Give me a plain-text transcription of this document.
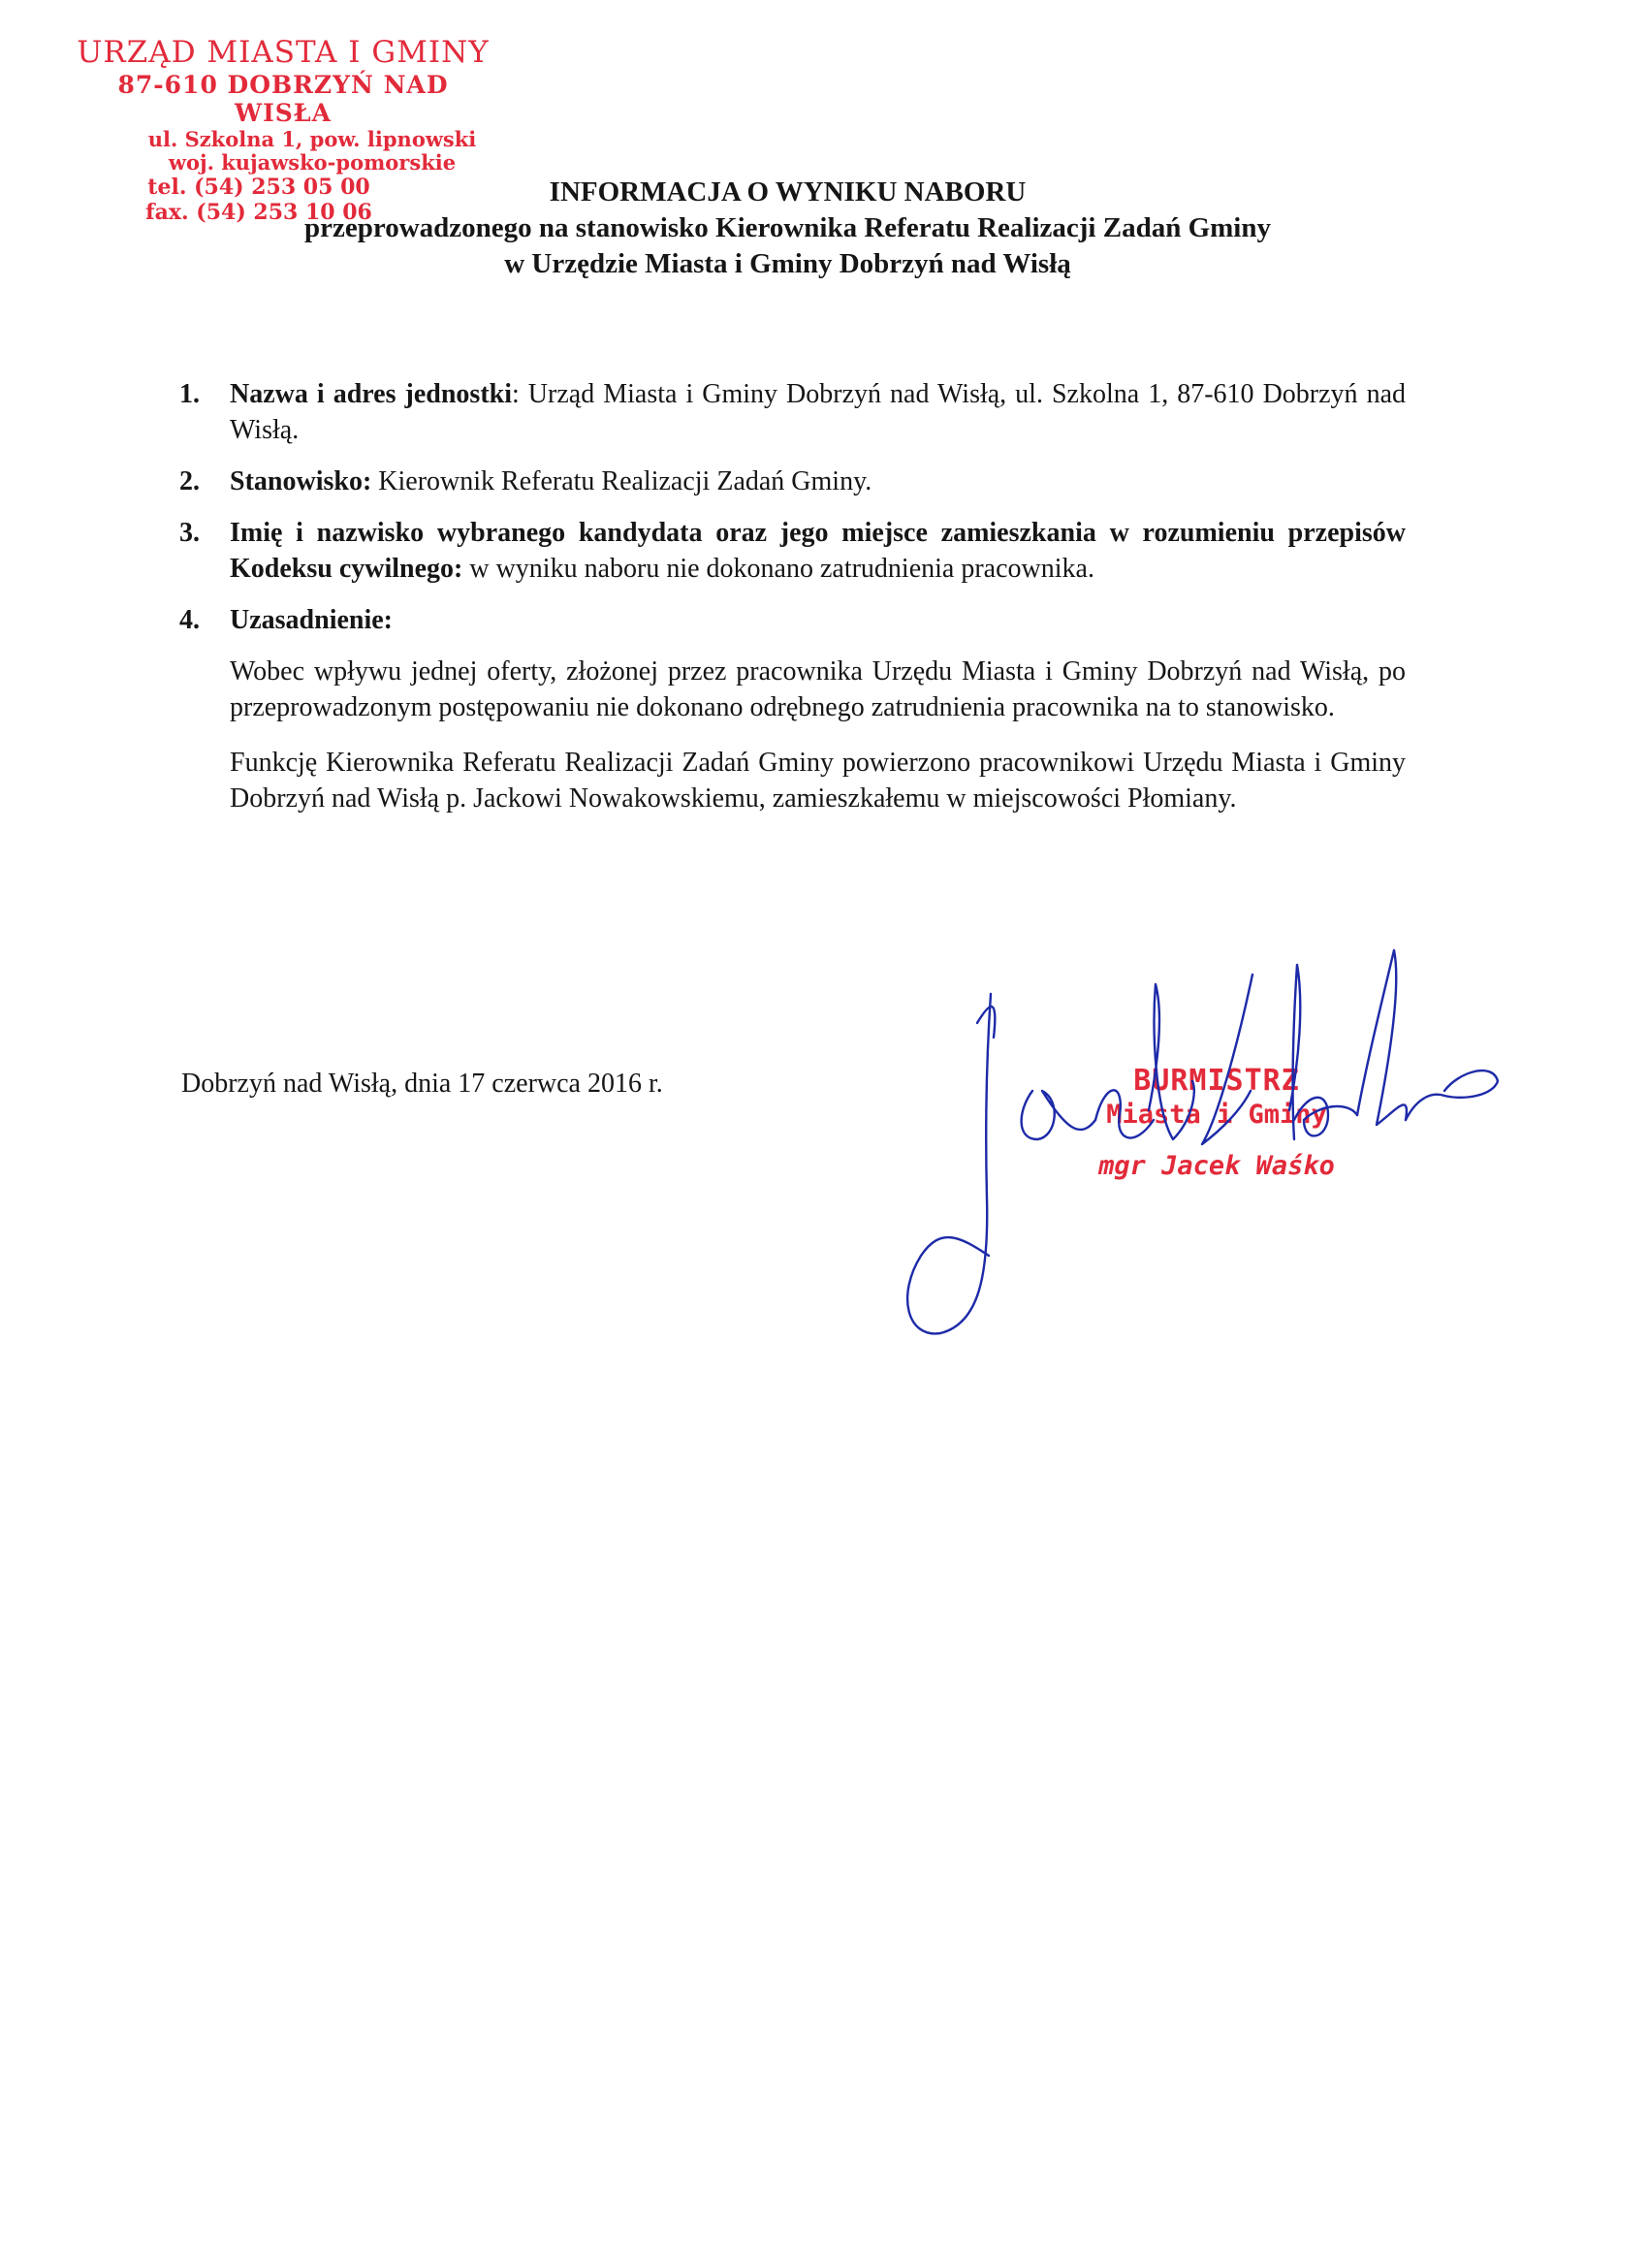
URZĄD MIASTA I GMINY
87-610 DOBRZYŃ NAD WISŁA
ul. Szkolna 1, pow. lipnowski
woj. kujawsko-pomorskie
tel. (54) 253 05 00
fax. (54) 253 10 06
INFORMACJA O WYNIKU NABORU
przeprowadzonego na stanowisko Kierownika Referatu Realizacji Zadań Gminy
w Urzędzie Miasta i Gminy Dobrzyń nad Wisłą
1. Nazwa i adres jednostki: Urząd Miasta i Gminy Dobrzyń nad Wisłą, ul. Szkolna 1, 87-610 Dobrzyń nad Wisłą.
2. Stanowisko: Kierownik Referatu Realizacji Zadań Gminy.
3. Imię i nazwisko wybranego kandydata oraz jego miejsce zamieszkania w rozumieniu przepisów Kodeksu cywilnego: w wyniku naboru nie dokonano zatrudnienia pracownika.
4. Uzasadnienie:

Wobec wpływu jednej oferty, złożonej przez pracownika Urzędu Miasta i Gminy Dobrzyń nad Wisłą, po przeprowadzonym postępowaniu nie dokonano odrębnego zatrudnienia pracownika na to stanowisko.

Funkcję Kierownika Referatu Realizacji Zadań Gminy powierzono pracownikowi Urzędu Miasta i Gminy Dobrzyń nad Wisłą p. Jackowi Nowakowskiemu, zamieszkałemu w miejscowości Płomiany.

Dobrzyń nad Wisłą, dnia 17 czerwca 2016 r.	BURMISTRZ
Miasta i Gminy
mgr Jacek Waśko
